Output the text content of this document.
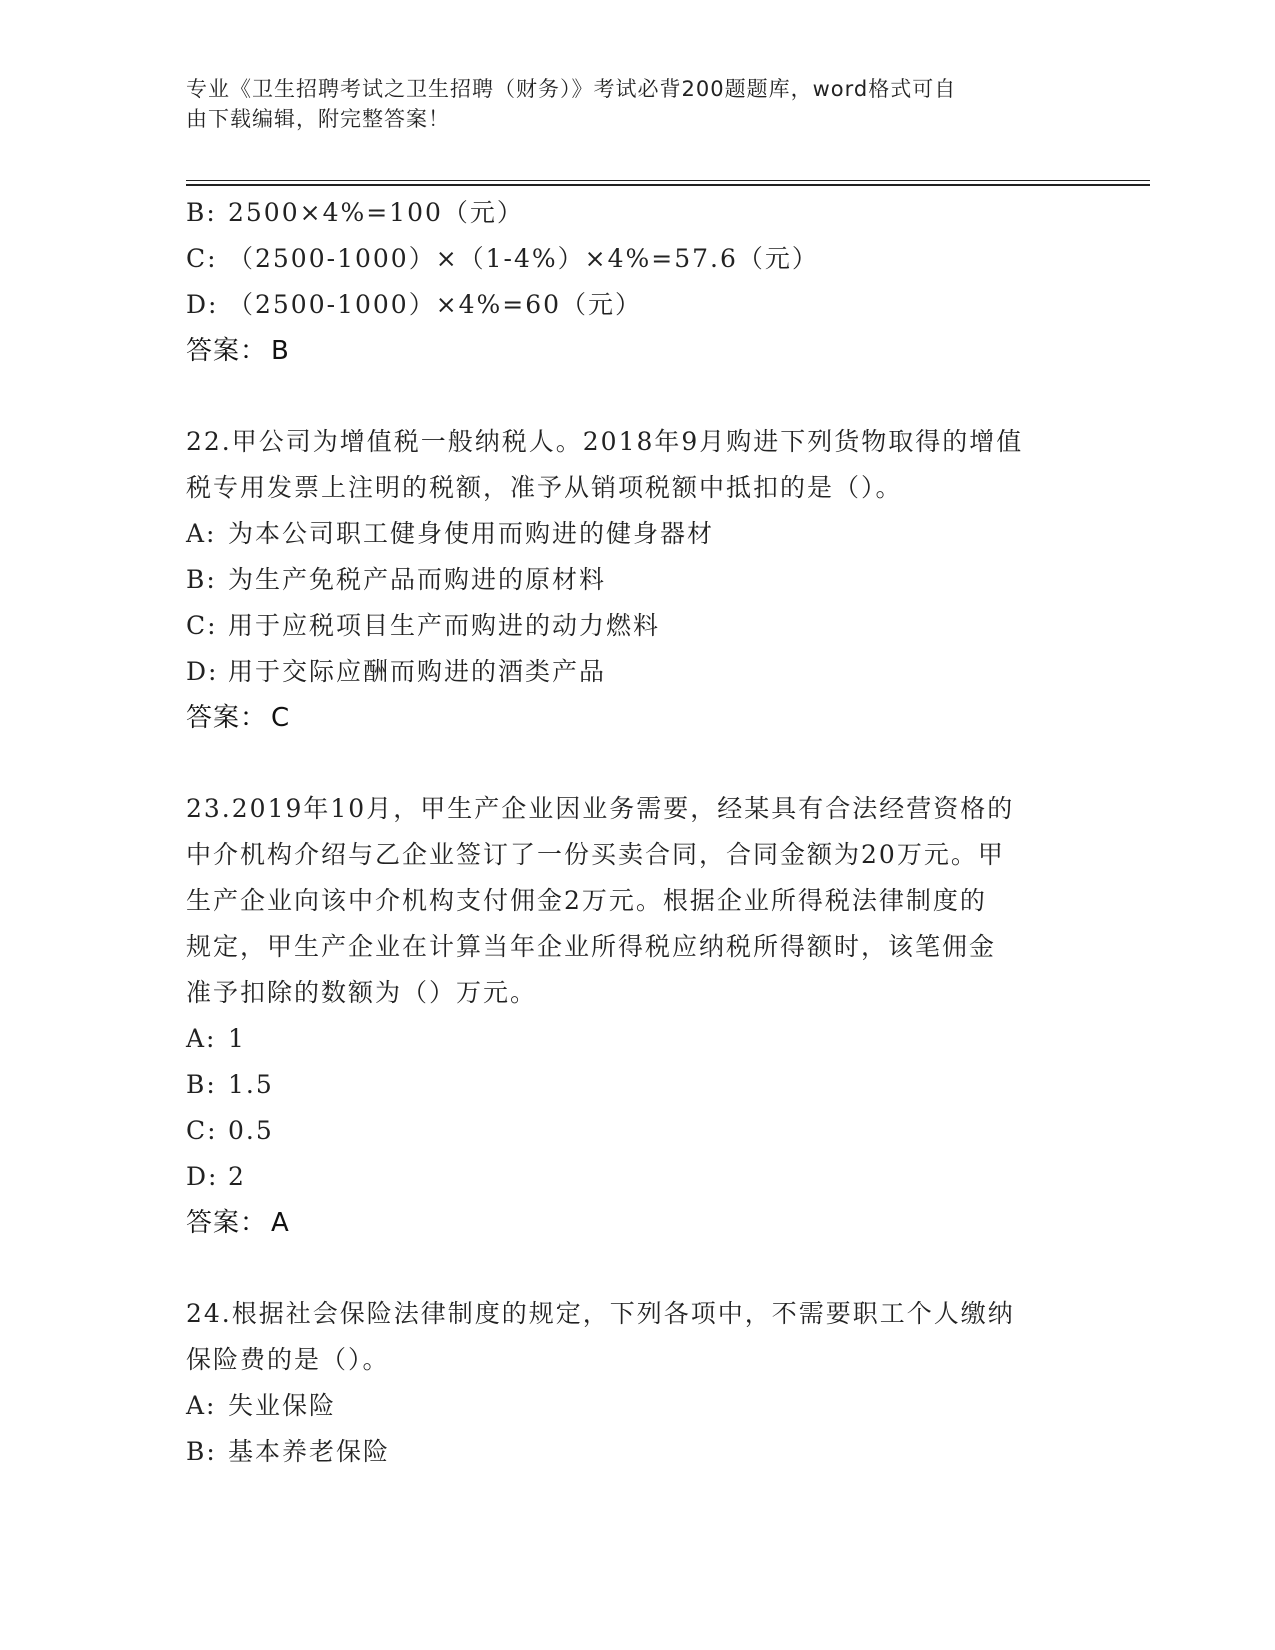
专业《卫生招聘考试之卫生招聘（财务）》考试必背200题题库，word格式可自
由下载编辑，附完整答案！
B: 2500×4%=100（元）
C: （2500-1000）×（1-4%）×4%=57.6（元）
D: （2500-1000）×4%=60（元）
答案： B
22.甲公司为增值税一般纳税人。2018年9月购进下列货物取得的增值
税专用发票上注明的税额，准予从销项税额中抵扣的是（）。
A: 为本公司职工健身使用而购进的健身器材
B: 为生产免税产品而购进的原材料
C: 用于应税项目生产而购进的动力燃料
D: 用于交际应酬而购进的酒类产品
答案： C
23.2019年10月，甲生产企业因业务需要，经某具有合法经营资格的
中介机构介绍与乙企业签订了一份买卖合同，合同金额为20万元。甲
生产企业向该中介机构支付佣金2万元。根据企业所得税法律制度的
规定，甲生产企业在计算当年企业所得税应纳税所得额时，该笔佣金
准予扣除的数额为（）万元。
A: 1
B: 1.5
C: 0.5
D: 2
答案： A
24.根据社会保险法律制度的规定，下列各项中，不需要职工个人缴纳
保险费的是（）。
A: 失业保险
B: 基本养老保险
